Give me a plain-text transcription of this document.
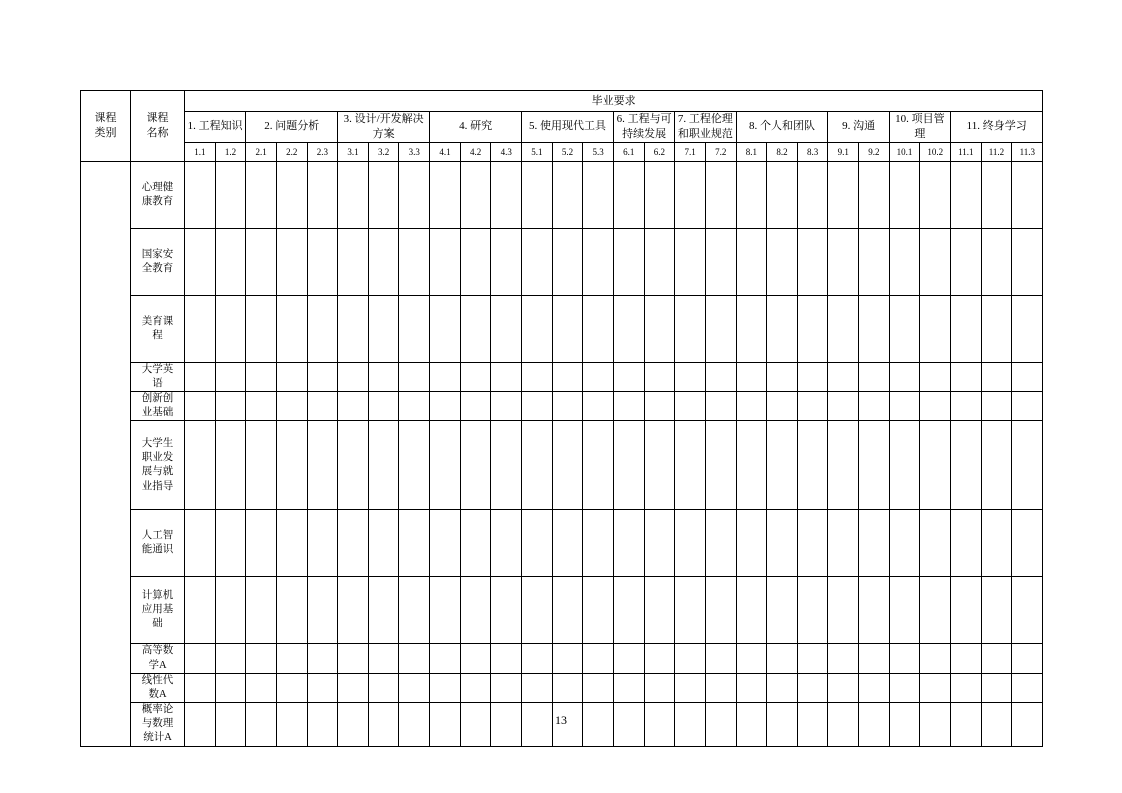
课程
类别

课程
名称
	毕业要求
		1. 工程知识		2. 问题分析			3. 设计/开发解决方案			4. 研究			5. 使用现代工具			6. 工程与可持续发展		7. 工程伦理和职业规范		8. 个人和团队			9. 沟通		10. 项目管理		11. 终身学习		
		1.1	1.2	2.1	2.2	2.3	3.1	3.2	3.3	4.1	4.2	4.3	5.1	5.2	5.3	6.1	6.2	7.1	7.2	8.1	8.2	8.3	9.1	9.2	10.1	10.2	11.1	11.2	11.3

	心理健
康教育																												

	国家安
全教育																												

	美育课
程																												

	大学英
语																												

	创新创
业基础																												

	大学生
职业发
展与就
业指导																												

	人工智
能通识																												

	计算机
应用基
础																												

	高等数
学A																												

	线性代
数A																												

	概率论
与数理
统计A																												

13
